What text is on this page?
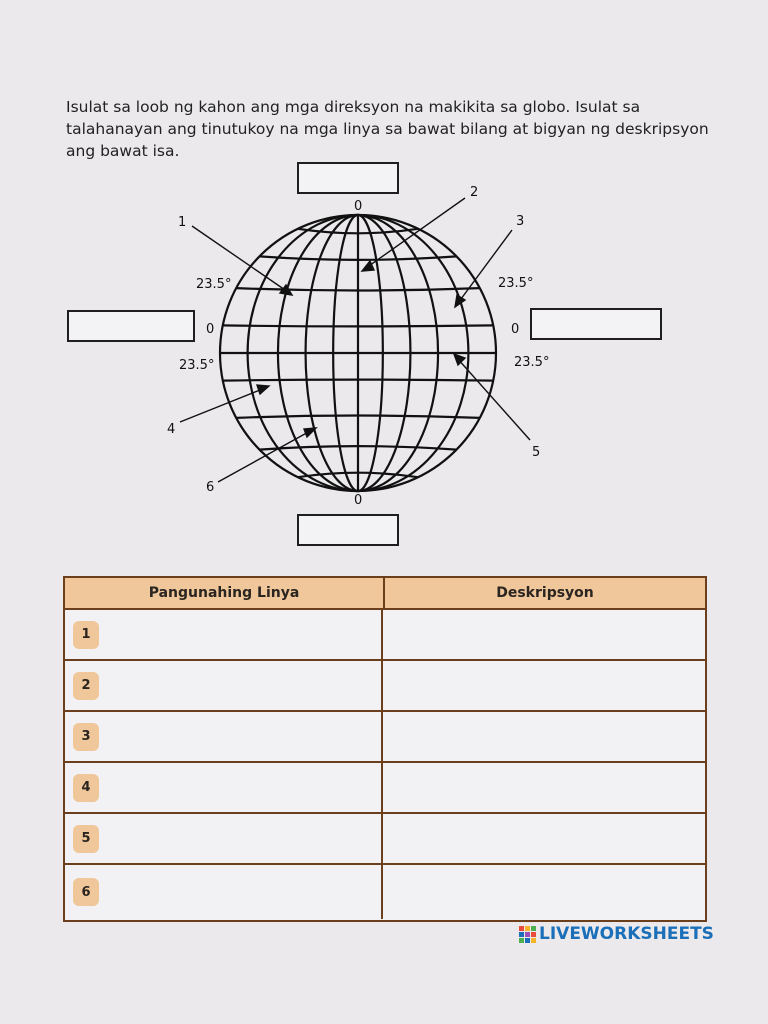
Isulat sa loob ng kahon ang mga direksyon na makikita sa globo. Isulat sa talahanayan ang tinutukoy na mga linya sa bawat bilang at bigyan ng deskripsyon ang bawat isa.
0
0
0	0
23.5°	23.5°
23.5°	23.5°
1
2
3
4
5
6
Pangunahing Linya	Deskripsyon
1
2
3
4
5
6
LIVEWORKSHEETS
